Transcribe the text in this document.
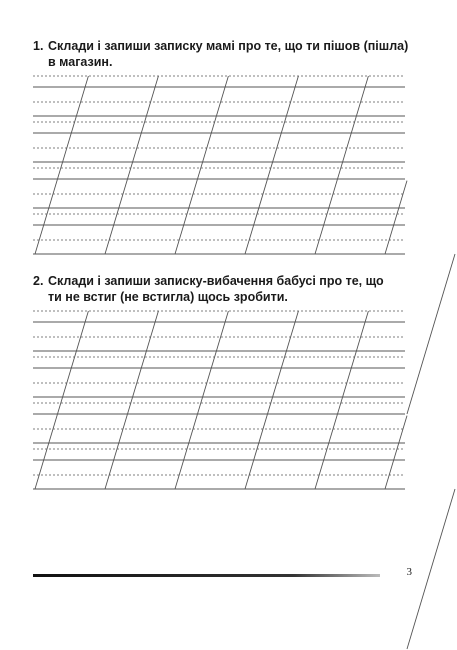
1. Склади і запиши записку мамі про те, що ти пішов (пішла)
в магазин.
2. Склади і запиши записку-вибачення бабусі про те, що
ти не встиг (не встигла) щось зробити.
3
